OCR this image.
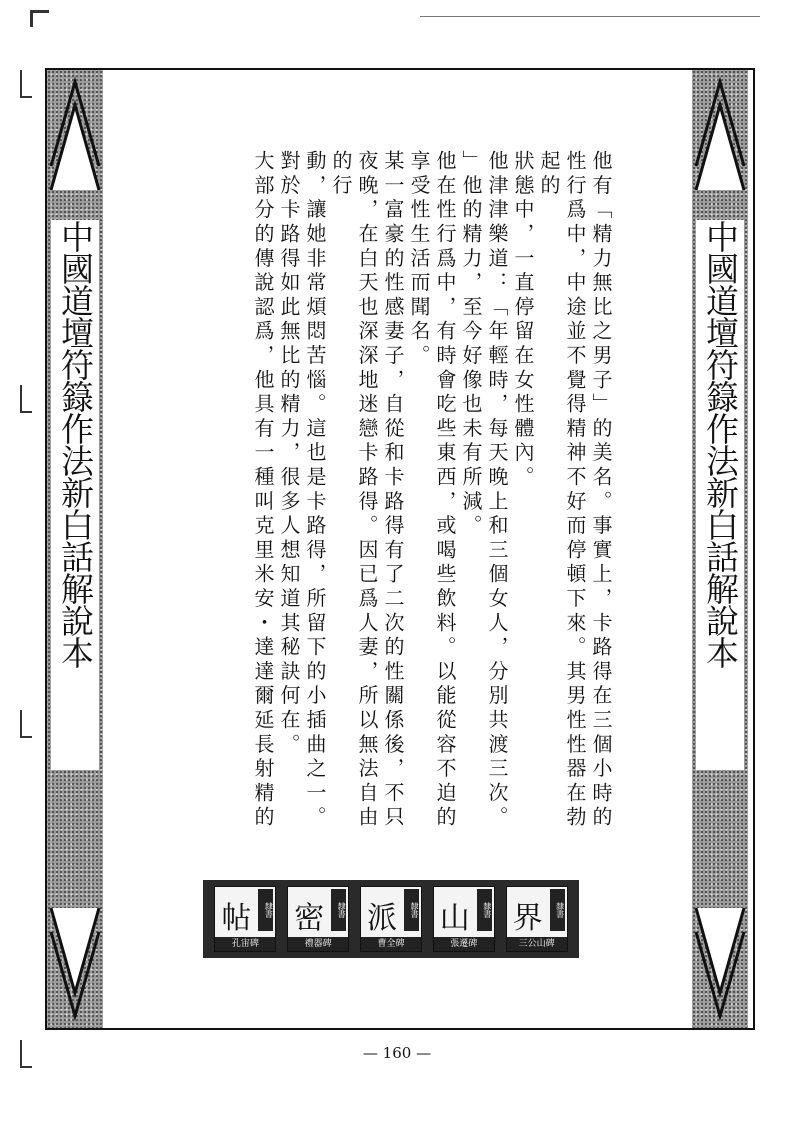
中國道壇符籙作法新白話解說本	中國道壇符籙作法新白話解說本

他有「精力無比之男子」的美名。事實上，卡路得在三個小時的

性行爲中，中途並不覺得精神不好而停頓下來。其男性性器在勃起的

狀態中，一直停留在女性體內。

他津津樂道：「年輕時，每天晚上和三個女人，分別共渡三次。

」他的精力，至今好像也未有所減。

他在性行爲中，有時會吃些東西，或喝些飲料。以能從容不迫的

享受性生活而聞名。

某一富豪的性感妻子，自從和卡路得有了二次的性關係後，不只

夜晚，在白天也深深地迷戀卡路得。因已爲人妻，所以無法自由的行

動，讓她非常煩悶苦惱。這也是卡路得，所留下的小插曲之一。

對於卡路得如此無比的精力，很多人想知道其秘訣何在。

大部分的傳說認爲，他具有一種叫克里米安・達達爾延長射精的

帖	隸書
孔宙碑
密	隸書
禮器碑
派	隸書
曹全碑
山	隸書
張遷碑
界	隸書
三公山碑
— 160 —
